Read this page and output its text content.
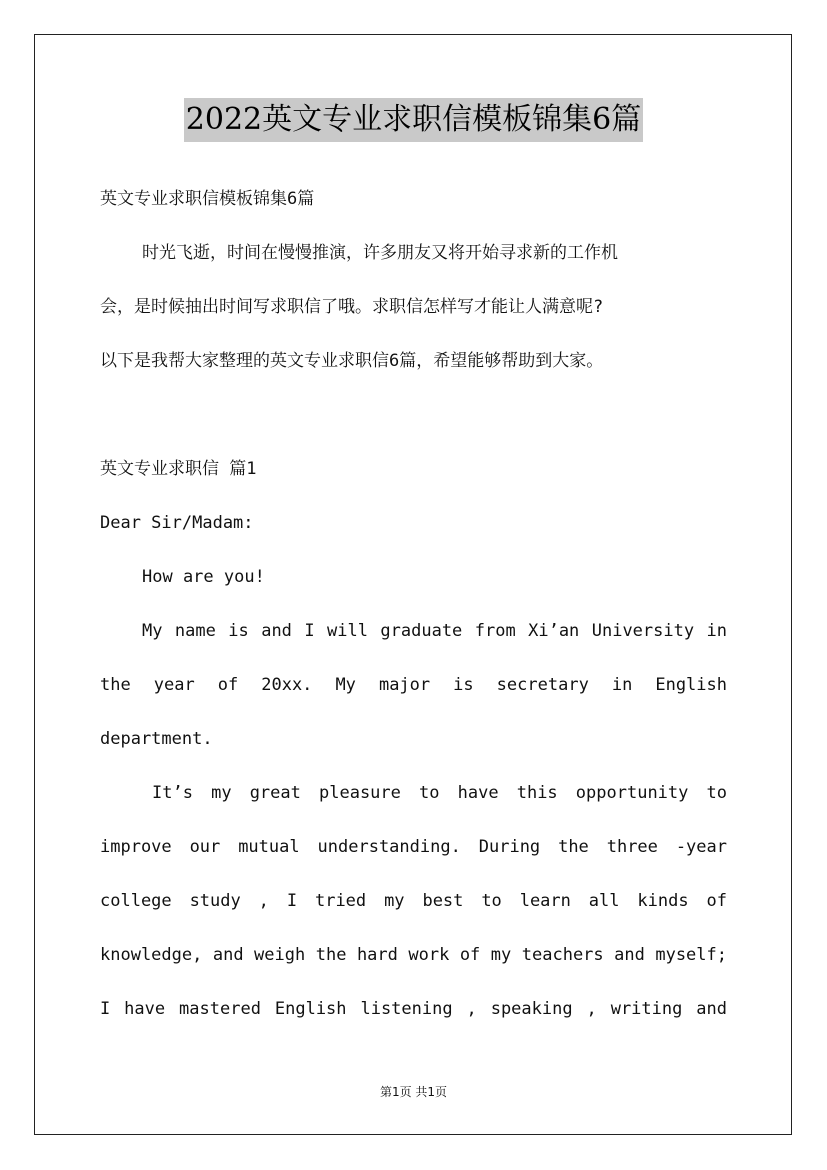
2022英文专业求职信模板锦集6篇
英文专业求职信模板锦集6篇
时光飞逝，时间在慢慢推演，许多朋友又将开始寻求新的工作机
会，是时候抽出时间写求职信了哦。求职信怎样写才能让人满意呢?
以下是我帮大家整理的英文专业求职信6篇，希望能够帮助到大家。
英文专业求职信 篇1
Dear Sir/Madam:
How are you!
My name is and I will graduate from Xi’an University in
the year of 20xx. My major is secretary in English
department.
It’s my great pleasure to have this opportunity to
improve our mutual understanding. During the three -year
college study , I tried my best to learn all kinds of
knowledge, and weigh the hard work of my teachers and myself;
I have mastered English listening , speaking , writing and
第1页 共1页
